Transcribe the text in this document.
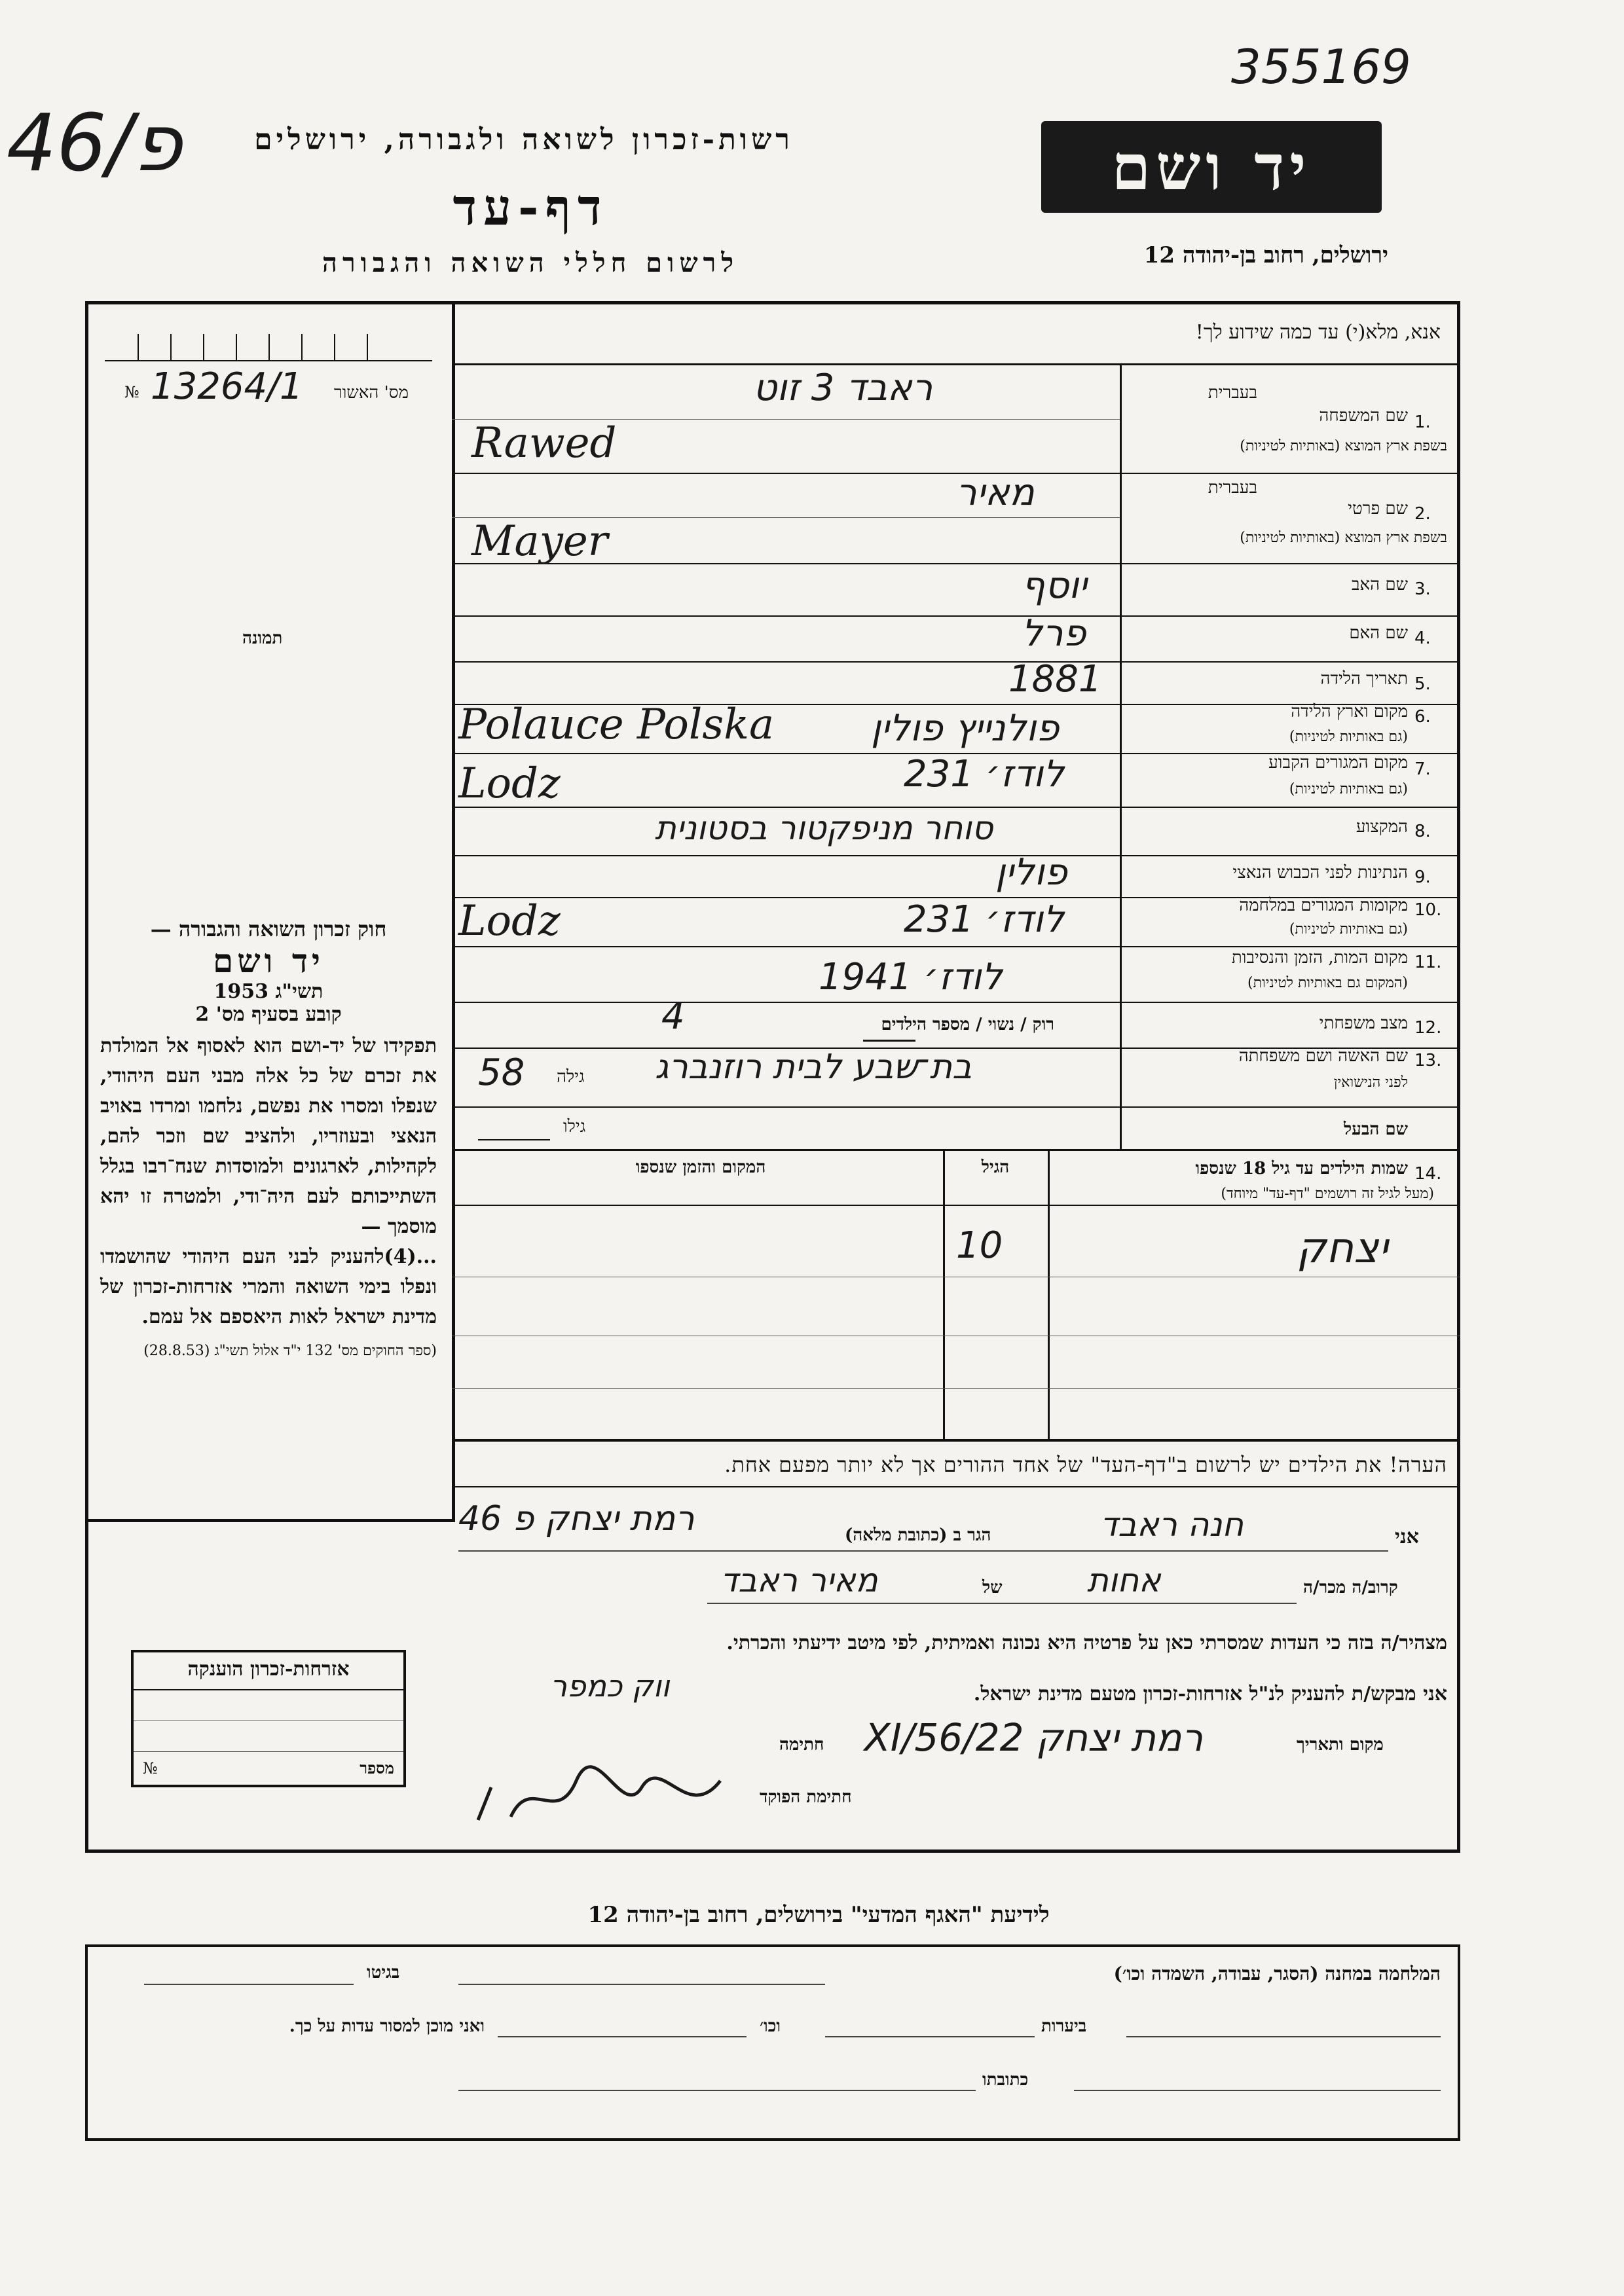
46/פ
355169
רשות-זכרון לשואה ולגבורה, ירושלים
דף-עד
לרשום חללי השואה והגבורה
יד ושם
ירושלים, רחוב בן-יהודה 12
אנא, מלא(י) עד כמה שידוע לך!
№ 13264/1 מס' האשור
תמונה
1.
שם המשפחה
בשפת ארץ המוצא (באותיות לטיניות)
בעברית
ראבד 3 זוט
Rawed
2.
שם פרטי
בשפת ארץ המוצא (באותיות לטיניות)
בעברית
מאיר
Mayer
3.
שם האב
יוסף
4.
שם האם
פרל
5.
תאריך הלידה
1881
6.
מקום וארץ הלידה
(גם באותיות לטיניות)
פולנייץ פולין
Polauce Polska
7.
מקום המגורים הקבוע
(גם באותיות לטיניות)
לודז׳ 231
Lodz
8.
המקצוע
סוחר מניפקטור בסטונית
9.
הנתינות לפני הכבוש הנאצי
פולין
10.
מקומות המגורים במלחמה
(גם באותיות לטיניות)
לודז׳ 231
Lodz
11.
מקום המות, הזמן והנסיבות
(המקום גם באותיות לטיניות)
לודז׳ 1941
12.
מצב משפחתי
רוק / נשוי / מספר הילדים
4
13.
שם האשה ושם משפחתה
לפני הנישואין
בת־שבע לבית רוזנברג
גילה
58
שם הבעל
גילו
14.
שמות הילדים עד גיל 18 שנספו
(מעל לגיל זה רושמים "דף-עד" מיוחד)
הגיל
המקום והזמן שנספו
יצחק
10
חוק זכרון השואה והגבורה —
יד ושם
תשי"ג 1953
קובע בסעיף מס' 2
תפקידו של יד-ושם הוא לאסוף אל המולדת את זכרם של כל אלה מבני העם היהודי, שנפלו ומסרו את נפשם, נלחמו ומרדו באויב הנאצי ובעוזריו, ולהציב שם וזכר להם, לקהילות, לארגונים ולמוסדות שנח־רבו בגלל השתייכותם לעם היה־ודי, ולמטרה זו יהא מוסמך —
...(4)להעניק לבני העם היהודי שהושמדו ונפלו בימי השואה והמרי אזרחות-זכרון של מדינת ישראל לאות היאספם אל עמם.
(ספר החוקים מס' 132 י"ד אלול תשי"ג (28.8.53)
הערה! את הילדים יש לרשום ב"דף-העד" של אחד ההורים אך לא יותר מפעם אחת.
אני
חנה ראבד
הגר ב (כתובת מלאה)
רמת יצחק פ 46
קרוב/ה מכר/ה
אחות
של
מאיר ראבד
מצהיר/ה בזה כי העדות שמסרתי כאן על פרטיה היא נכונה ואמיתית, לפי מיטב ידיעתי והכרתי.
אני מבקש/ת להעניק לנ"ל אזרחות-זכרון מטעם מדינת ישראל.
ווק כמפר
מקום ותאריך
רמת יצחק 22/XI/56
חתימה
חתימת הפוקד
אזרחות-זכרון הוענקה
№	מספר
לידיעת "האגף המדעי" בירושלים, רחוב בן-יהודה 12
המלחמה במחנה (הסגר, עבודה, השמדה וכו׳)
בגיטו
ביערות
וכו׳
ואני מוכן למסור עדות על כך.
כתובתו
